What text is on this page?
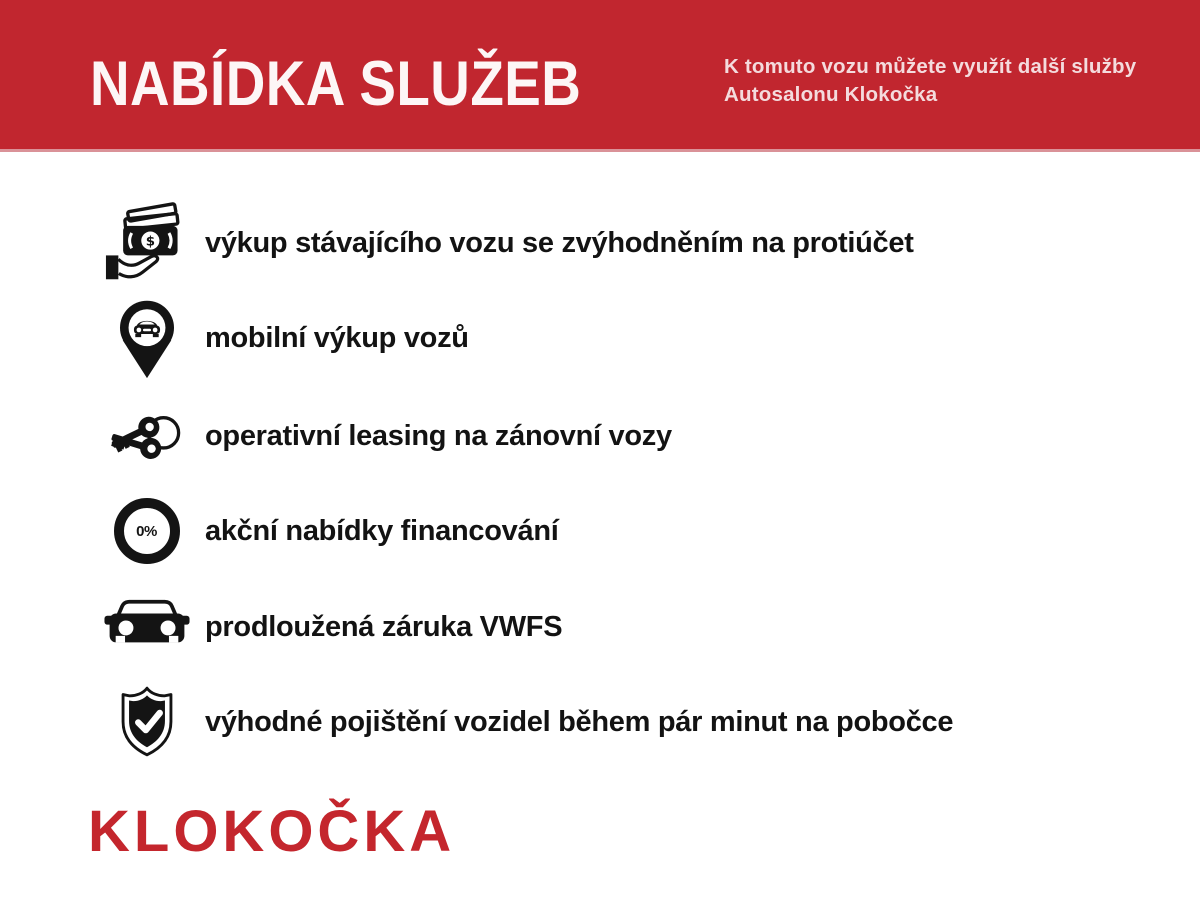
NABÍDKA SLUŽEB	K tomuto vozu můžete využít další služby
Autosalonu Klokočka
$ výkup stávajícího vozu se zvýhodněním na protiúčet
mobilní výkup vozů
operativní leasing na zánovní vozy
0% akční nabídky financování
prodloužená záruka VWFS
výhodné pojištění vozidel během pár minut na pobočce
KLOKOČKA
